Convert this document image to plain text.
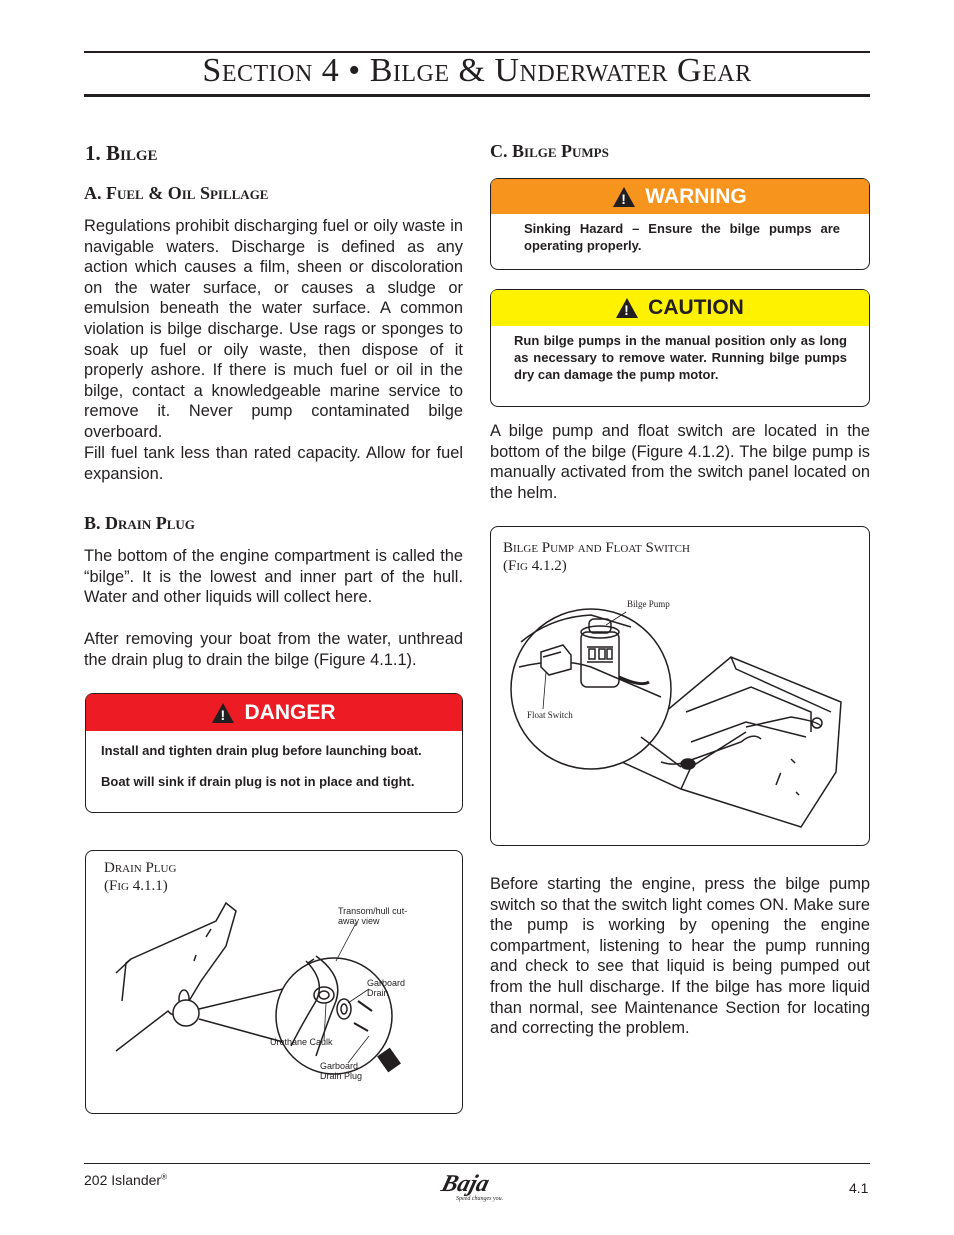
Section 4 • Bilge & Underwater Gear
1. Bilge
A. Fuel & Oil Spillage
Regulations prohibit discharging fuel or oily waste in navigable waters. Discharge is defined as any action which causes a film, sheen or discoloration on the water surface, or causes a sludge or emulsion beneath the water surface. A common violation is bilge discharge. Use rags or sponges to soak up fuel or oily waste, then dispose of it properly ashore. If there is much fuel or oil in the bilge, contact a knowledgeable marine service to remove it. Never pump contaminated bilge overboard.
Fill fuel tank less than rated capacity. Allow for fuel expansion.
B. Drain Plug
The bottom of the engine compartment is called the “bilge”. It is the lowest and inner part of the hull. Water and other liquids will collect here.
After removing your boat from the water, unthread the drain plug to drain the bilge (Figure 4.1.1).
! DANGER
Install and tighten drain plug before launching boat.
Boat will sink if drain plug is not in place and tight.
Drain Plug
(Fig 4.1.1)
Transom/hull cut-away view
Garboard Drain
Urethane Caulk
Garboard Drain Plug
C. Bilge Pumps
! WARNING
Sinking Hazard – Ensure the bilge pumps are operating properly.
! CAUTION
Run bilge pumps in the manual position only as long as necessary to remove water. Running bilge pumps dry can damage the pump motor.
A bilge pump and float switch are located in the bottom of the bilge (Figure 4.1.2). The bilge pump is manually activated from the switch panel located on the helm.
Bilge Pump and Float Switch
(Fig 4.1.2)
Bilge Pump
Float Switch
Before starting the engine, press the bilge pump switch so that the switch light comes ON. Make sure the pump is working by opening the engine compartment, listening to hear the pump running and check to see that liquid is being pumped out from the hull discharge. If the bilge has more liquid than normal, see Maintenance Section for locating and correcting the problem.
202 Islander®	Baja
Speed changes you.
4.1
